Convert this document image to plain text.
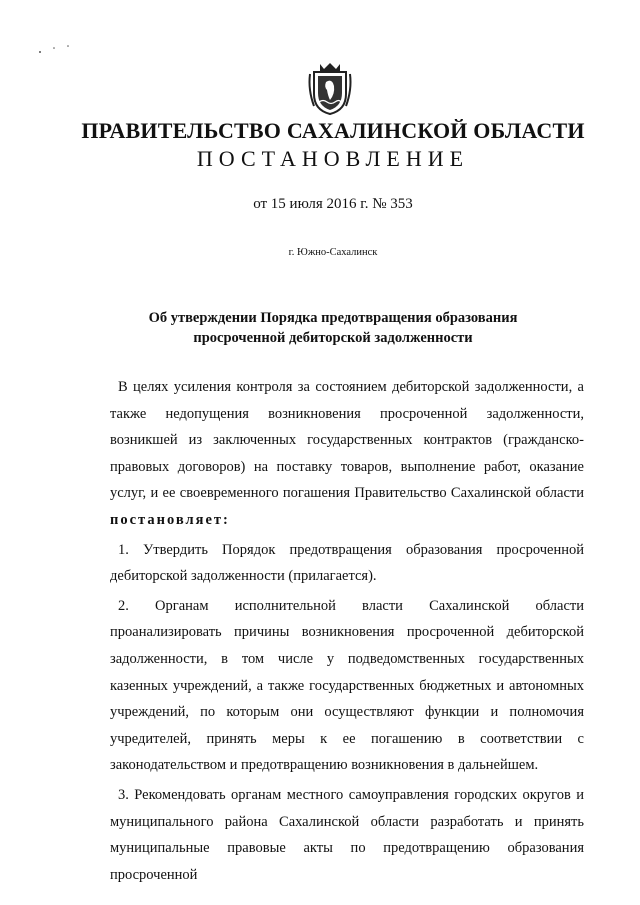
ПРАВИТЕЛЬСТВО САХАЛИНСКОЙ ОБЛАСТИ
ПОСТАНОВЛЕНИЕ
от 15 июля 2016 г. № 353
г. Южно-Сахалинск
Об утверждении Порядка предотвращения образования
просроченной дебиторской задолженности

В целях усиления контроля за состоянием дебиторской задолженности, а также недопущения возникновения просроченной задолженности, возникшей из заключенных государственных контрактов (гражданско-правовых договоров) на поставку товаров, выполнение работ, оказание услуг, и ее своевременного погашения Правительство Сахалинской области постановляет:

1. Утвердить Порядок предотвращения образования просроченной дебиторской задолженности (прилагается).

2. Органам исполнительной власти Сахалинской области проанализировать причины возникновения просроченной дебиторской задолженности, в том числе у подведомственных государственных казенных учреждений, а также государственных бюджетных и автономных учреждений, по которым они осуществляют функции и полномочия учредителей, принять меры к ее погашению в соответствии с законодательством и предотвращению возникновения в дальнейшем.

3. Рекомендовать органам местного самоуправления городских округов и муниципального района Сахалинской области разработать и принять муниципальные правовые акты по предотвращению образования просроченной
